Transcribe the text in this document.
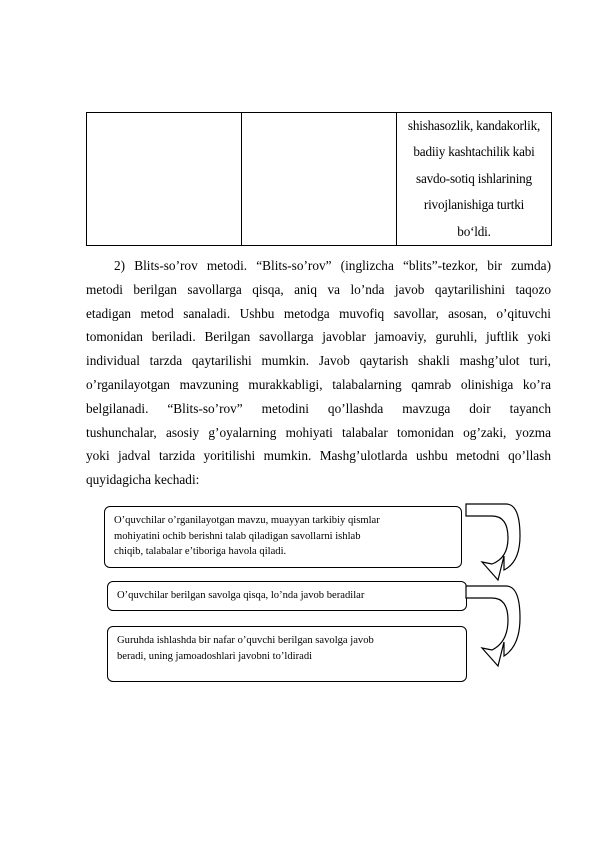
shishasozlik, kandakorlik,
badiiy kashtachilik kabi
savdo-sotiq ishlarining
rivojlanishiga turtki
bo‘ldi.
2) Blits-so’rov metodi. “Blits-so’rov” (inglizcha “blits”-tezkor, bir zumda)
metodi berilgan savollarga qisqa, aniq va lo’nda javob qaytarilishini taqozo
etadigan metod sanaladi. Ushbu metodga muvofiq savollar, asosan, o’qituvchi
tomonidan beriladi. Berilgan savollarga javoblar jamoaviy, guruhli, juftlik yoki
individual tarzda qaytarilishi mumkin. Javob qaytarish shakli mashg’ulot turi,
o’rganilayotgan mavzuning murakkabligi, talabalarning qamrab olinishiga ko’ra
belgilanadi. “Blits-so’rov” metodini qo’llashda mavzuga doir tayanch
tushunchalar, asosiy g’oyalarning mohiyati talabalar tomonidan og’zaki, yozma
yoki jadval tarzida yoritilishi mumkin. Mashg’ulotlarda ushbu metodni qo’llash
quyidagicha kechadi:
O’quvchilar o’rganilayotgan mavzu, muayyan tarkibiy qismlar
mohiyatini ochib berishni talab qiladigan savollarni ishlab
chiqib, talabalar e’tiboriga havola qiladi.
O’quvchilar berilgan savolga qisqa, lo’nda javob beradilar
Guruhda ishlashda bir nafar o’quvchi berilgan savolga javob
beradi, uning jamoadoshlari javobni to’ldiradi
